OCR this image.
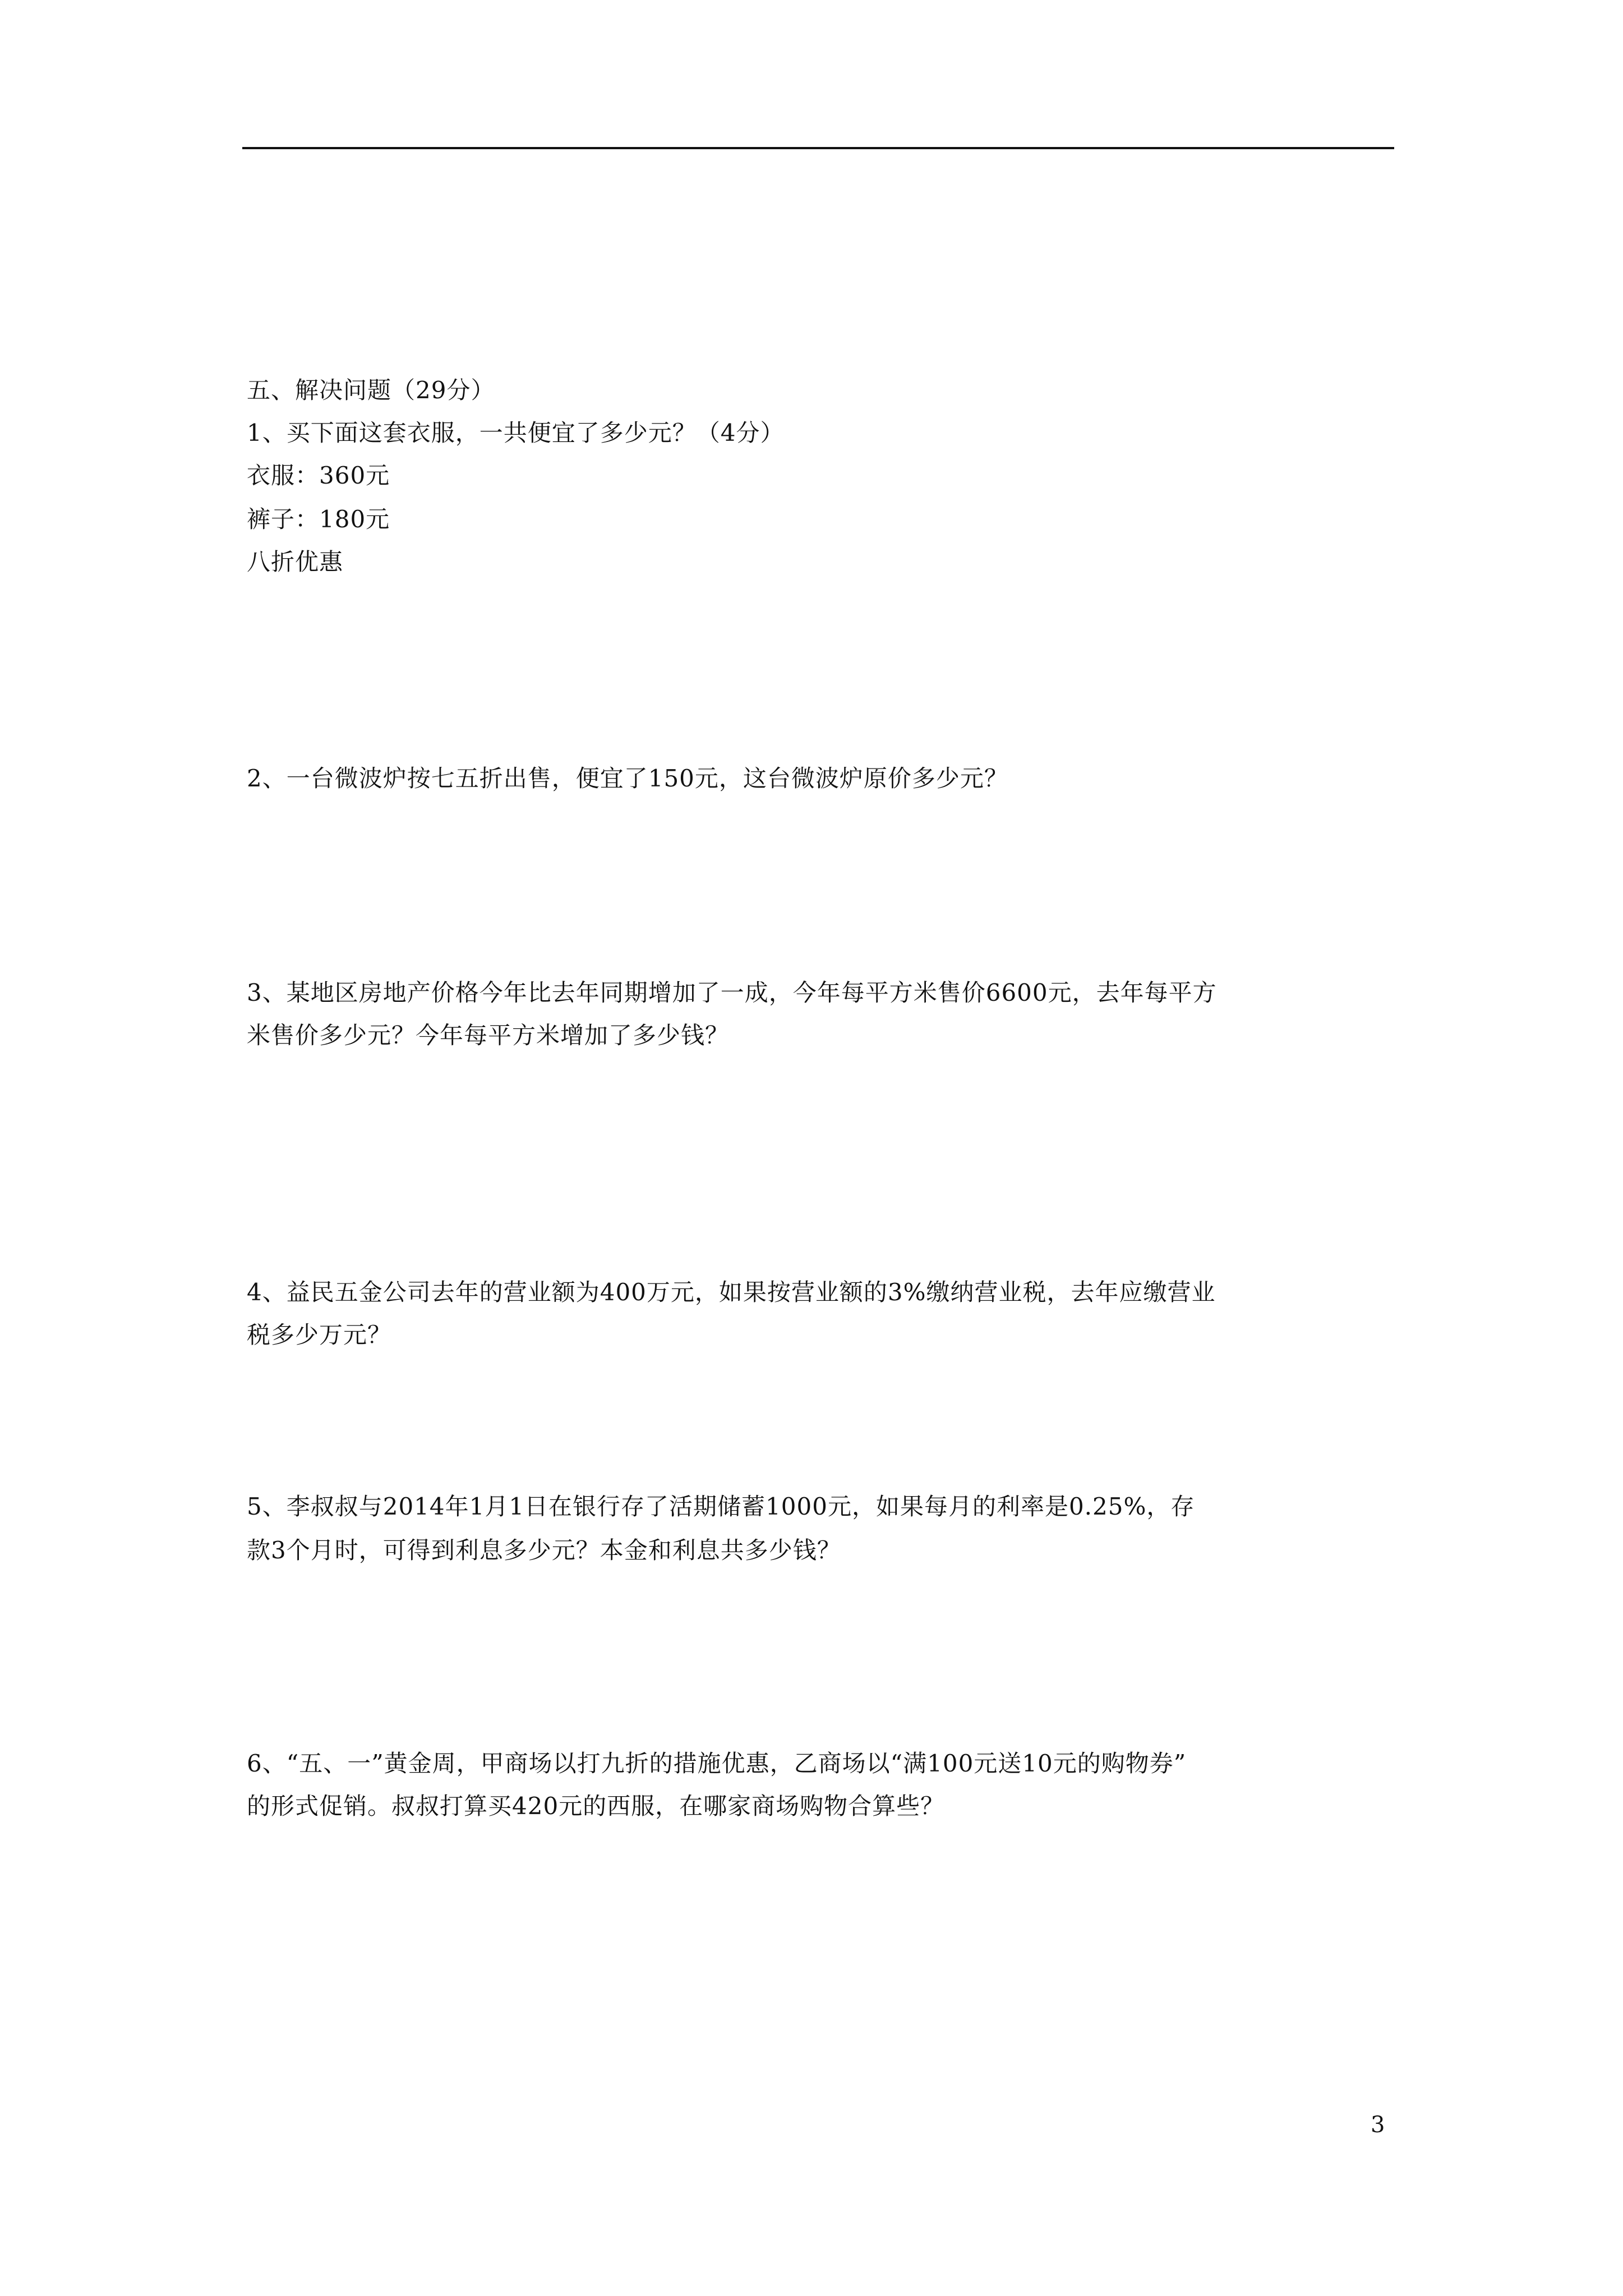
五、解决问题（29分）
1、买下面这套衣服，一共便宜了多少元？（4分）
衣服：360元
裤子：180元
八折优惠
2、一台微波炉按七五折出售，便宜了150元，这台微波炉原价多少元？
3、某地区房地产价格今年比去年同期增加了一成，今年每平方米售价6600元，去年每平方
米售价多少元？今年每平方米增加了多少钱？
4、益民五金公司去年的营业额为400万元，如果按营业额的3%缴纳营业税，去年应缴营业
税多少万元？
5、李叔叔与2014年1月1日在银行存了活期储蓄1000元，如果每月的利率是0.25%，存
款3个月时，可得到利息多少元？本金和利息共多少钱？
6、“五、一”黄金周，甲商场以打九折的措施优惠，乙商场以“满100元送10元的购物券”
的形式促销。叔叔打算买420元的西服，在哪家商场购物合算些？
3
